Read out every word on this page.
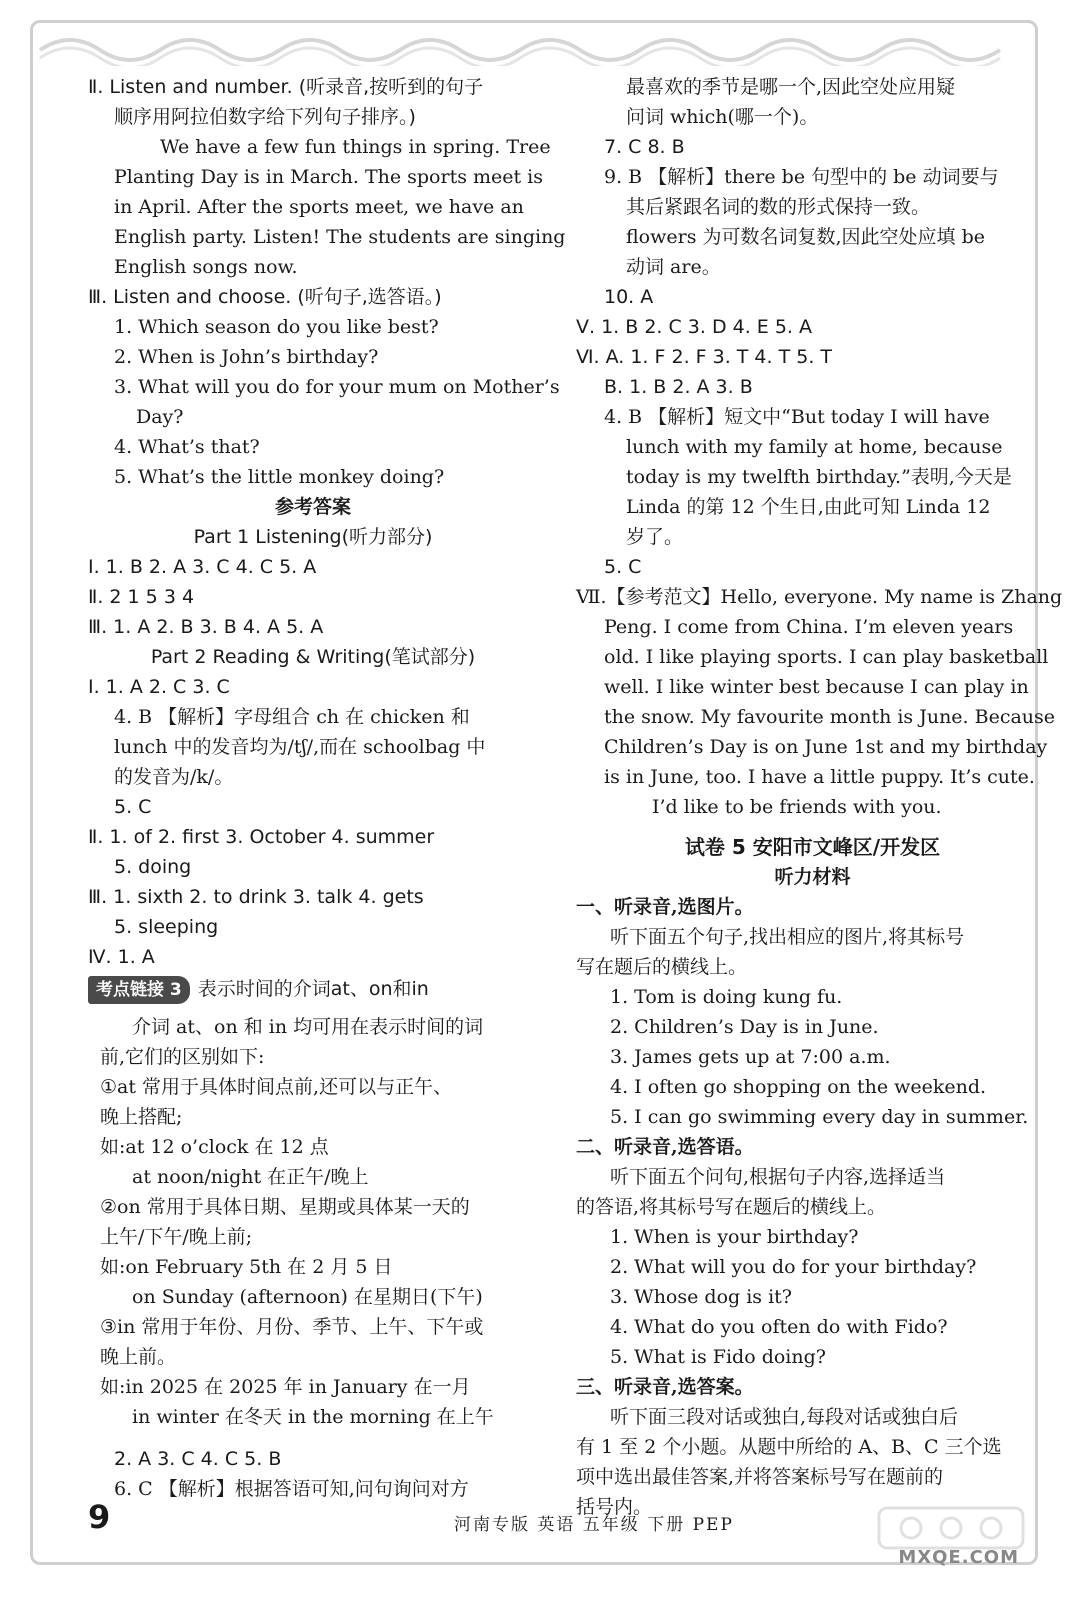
Ⅱ. Listen and number. (听录音,按听到的句子
顺序用阿拉伯数字给下列句子排序。)
We have a few fun things in spring. Tree
Planting Day is in March. The sports meet is
in April. After the sports meet, we have an
English party. Listen! The students are singing
English songs now.
Ⅲ. Listen and choose. (听句子,选答语。)
1. Which season do you like best?
2. When is John’s birthday?
3. What will you do for your mum on Mother’s
Day?
4. What’s that?
5. What’s the little monkey doing?
参考答案
Part 1 Listening(听力部分)
Ⅰ. 1. B 2. A 3. C 4. C 5. A
Ⅱ. 2 1 5 3 4
Ⅲ. 1. A 2. B 3. B 4. A 5. A
Part 2 Reading & Writing(笔试部分)
Ⅰ. 1. A 2. C 3. C
4. B 【解析】字母组合 ch 在 chicken 和
lunch 中的发音均为/tʃ/,而在 schoolbag 中
的发音为/k/。
5. C
Ⅱ. 1. of 2. first 3. October 4. summer
5. doing
Ⅲ. 1. sixth 2. to drink 3. talk 4. gets
5. sleeping
Ⅳ. 1. A
考点链接 3 表示时间的介词at、on和in
介词 at、on 和 in 均可用在表示时间的词
前,它们的区别如下:
①at 常用于具体时间点前,还可以与正午、
晚上搭配;
如:at 12 o’clock 在 12 点
at noon/night 在正午/晚上
②on 常用于具体日期、星期或具体某一天的
上午/下午/晚上前;
如:on February 5th 在 2 月 5 日
on Sunday (afternoon) 在星期日(下午)
③in 常用于年份、月份、季节、上午、下午或
晚上前。
如:in 2025 在 2025 年 in January 在一月
in winter 在冬天 in the morning 在上午
2. A 3. C 4. C 5. B
6. C 【解析】根据答语可知,问句询问对方
最喜欢的季节是哪一个,因此空处应用疑
问词 which(哪一个)。
7. C 8. B
9. B 【解析】there be 句型中的 be 动词要与
其后紧跟名词的数的形式保持一致。
flowers 为可数名词复数,因此空处应填 be
动词 are。
10. A
Ⅴ. 1. B 2. C 3. D 4. E 5. A
Ⅵ. A. 1. F 2. F 3. T 4. T 5. T
B. 1. B 2. A 3. B
4. B 【解析】短文中“But today I will have
lunch with my family at home, because
today is my twelfth birthday.”表明,今天是
Linda 的第 12 个生日,由此可知 Linda 12
岁了。
5. C
Ⅶ.【参考范文】Hello, everyone. My name is Zhang
Peng. I come from China. I’m eleven years
old. I like playing sports. I can play basketball
well. I like winter best because I can play in
the snow. My favourite month is June. Because
Children’s Day is on June 1st and my birthday
is in June, too. I have a little puppy. It’s cute.
I’d like to be friends with you.
试卷 5 安阳市文峰区/开发区
听力材料
一、听录音,选图片。
听下面五个句子,找出相应的图片,将其标号
写在题后的横线上。
1. Tom is doing kung fu.
2. Children’s Day is in June.
3. James gets up at 7:00 a.m.
4. I often go shopping on the weekend.
5. I can go swimming every day in summer.
二、听录音,选答语。
听下面五个问句,根据句子内容,选择适当
的答语,将其标号写在题后的横线上。
1. When is your birthday?
2. What will you do for your birthday?
3. Whose dog is it?
4. What do you often do with Fido?
5. What is Fido doing?
三、听录音,选答案。
听下面三段对话或独白,每段对话或独白后
有 1 至 2 个小题。从题中所给的 A、B、C 三个选
项中选出最佳答案,并将答案标号写在题前的
括号内。
9	河南专版 英语 五年级 下册 PEP
MXQE.COM
